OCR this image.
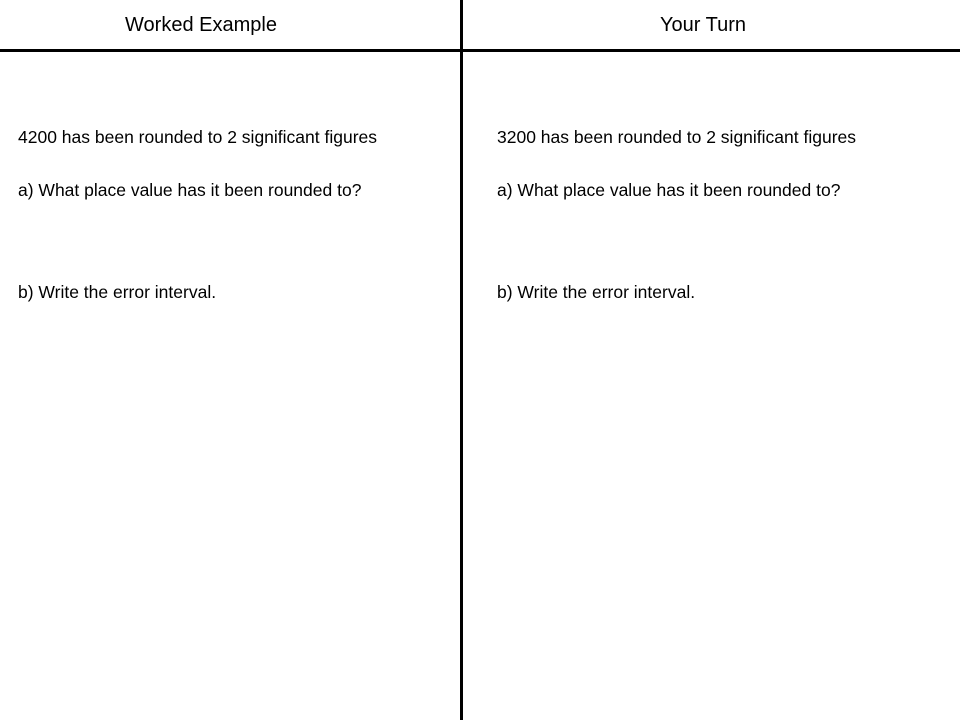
Worked Example	Your Turn
4200 has been rounded to 2 significant figures
a) What place value has it been rounded to?
b) Write the error interval.
3200 has been rounded to 2 significant figures
a) What place value has it been rounded to?
b) Write the error interval.
